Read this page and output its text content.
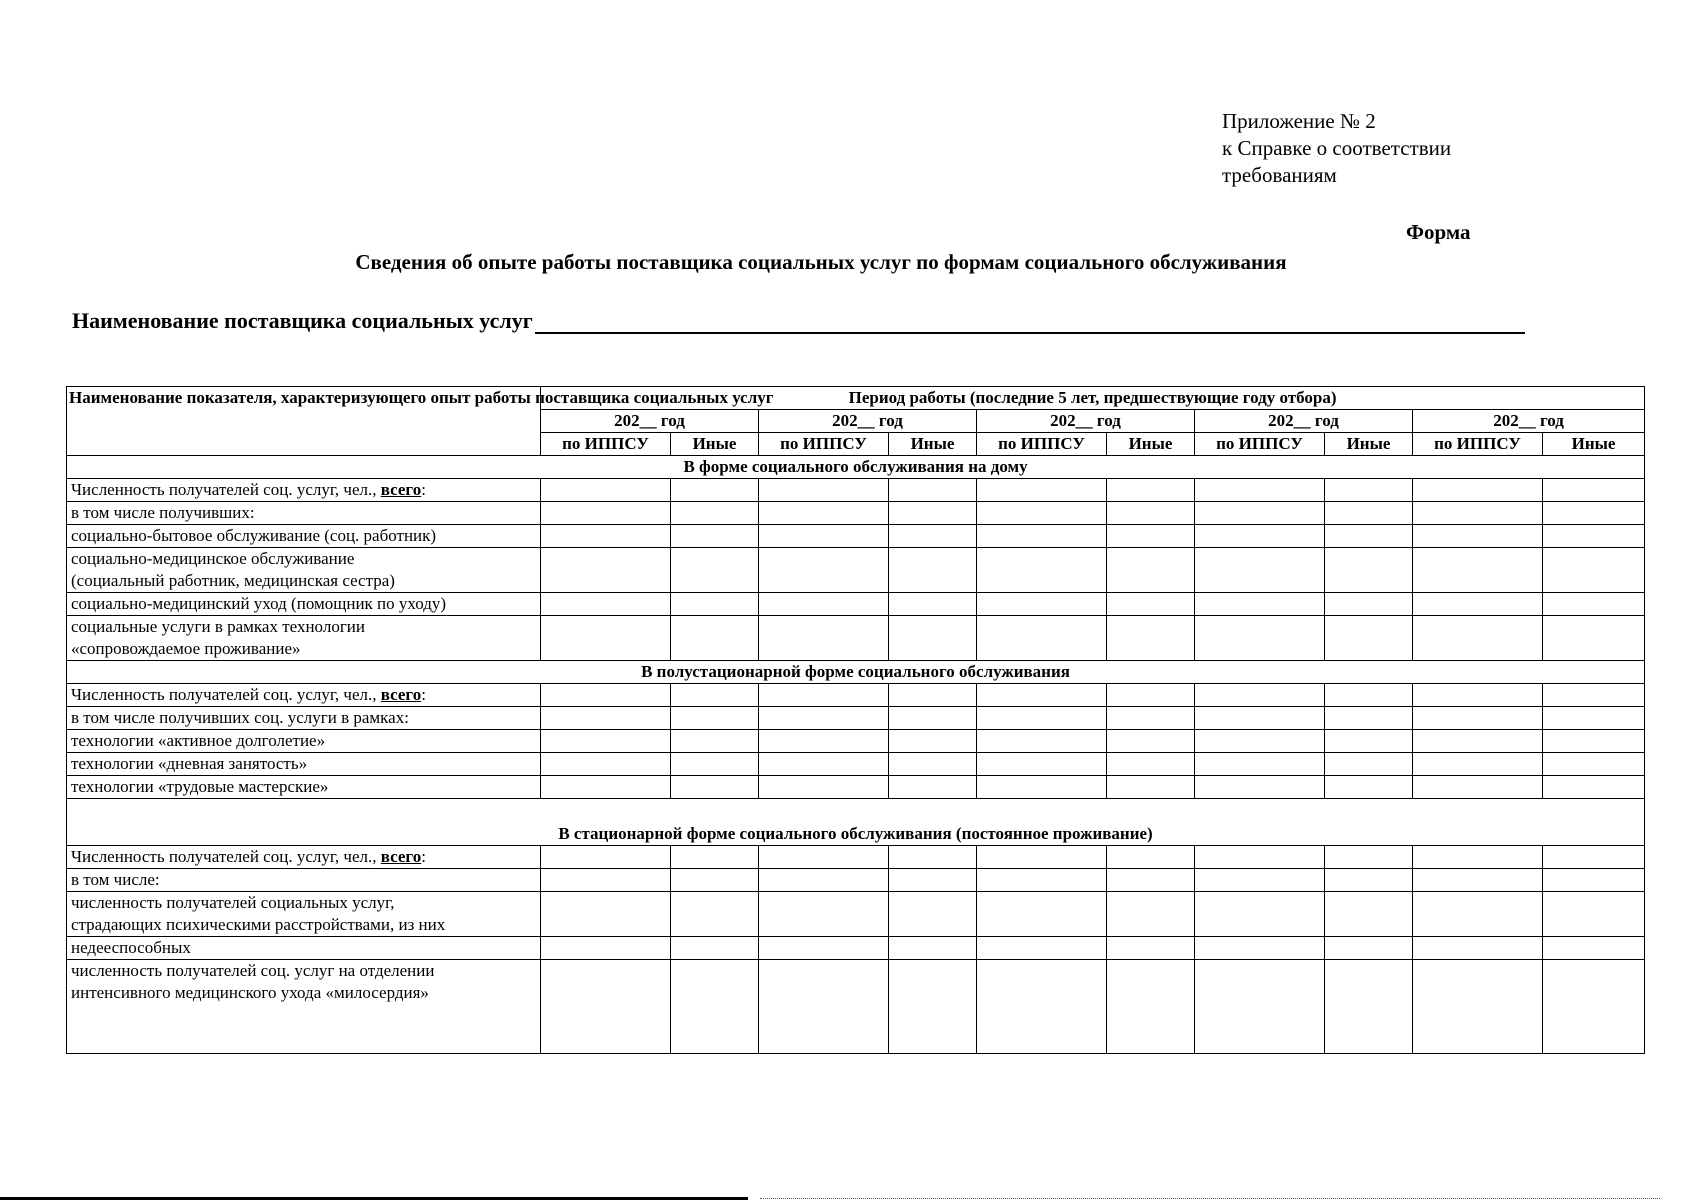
Приложение № 2
к Справке о соответствии
требованиям
Форма
Сведения об опыте работы поставщика социальных услуг по формам социального обслуживания
Наименование поставщика социальных услуг
Наименование показателя, характеризующего опыт работы поставщика социальных услуг	Период работы (последние 5 лет, предшествующие году отбора)									
	202__ год		202__ год		202__ год		202__ год		202__ год	
	по ИППСУ	Иные	по ИППСУ	Иные	по ИППСУ	Иные	по ИППСУ	Иные	по ИППСУ	Иные
В форме социального обслуживания на дому										
Численность получателей соц. услуг, чел., всего:										
в том числе получивших:										
социально-бытовое обслуживание (соц. работник)										
социально-медицинское обслуживание
(социальный работник, медицинская сестра)										
социально-медицинский уход (помощник по уходу)										
социальные услуги в рамках технологии
«сопровождаемое проживание»										
В полустационарной форме социального обслуживания										
Численность получателей соц. услуг, чел., всего:										
в том числе получивших соц. услуги в рамках:										
технологии «активное долголетие»										
технологии «дневная занятость»										
технологии «трудовые мастерские»										
В стационарной форме социального обслуживания (постоянное проживание)										
Численность получателей соц. услуг, чел., всего:										
в том числе:										
численность получателей социальных услуг,
страдающих психическими расстройствами, из них										
недееспособных										
численность получателей соц. услуг на отделении
интенсивного медицинского ухода «милосердия»										
